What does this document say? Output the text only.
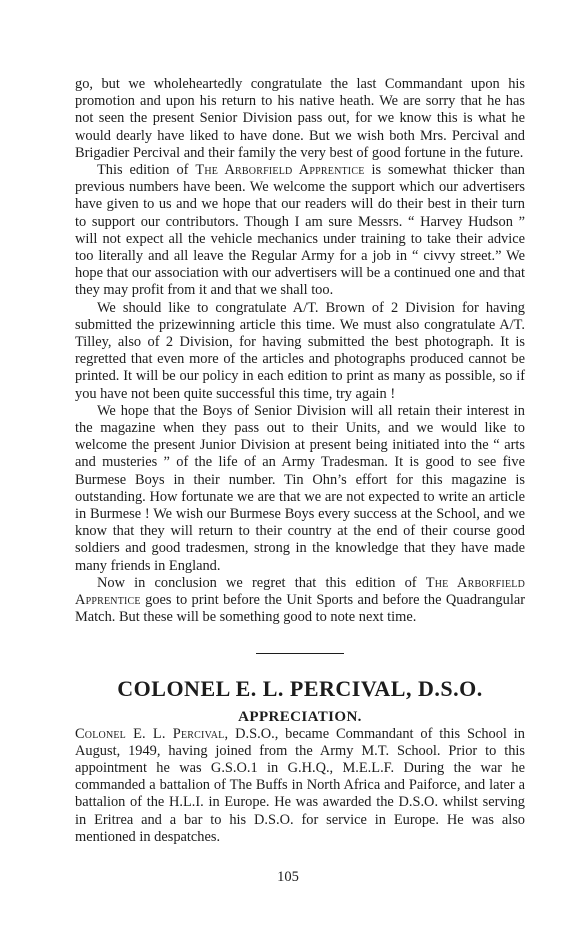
go, but we wholeheartedly congratulate the last Commandant upon his promotion and upon his return to his native heath. We are sorry that he has not seen the present Senior Division pass out, for we know this is what he would dearly have liked to have done. But we wish both Mrs. Percival and Brigadier Percival and their family the very best of good fortune in the future.

This edition of The Arborfield Apprentice is somewhat thicker than previous numbers have been. We welcome the support which our advertisers have given to us and we hope that our readers will do their best in their turn to support our contributors. Though I am sure Messrs. “ Harvey Hudson ” will not expect all the vehicle mechanics under training to take their advice too literally and all leave the Regular Army for a job in “ civvy street.” We hope that our association with our advertisers will be a continued one and that they may profit from it and that we shall too.

We should like to congratulate A/T. Brown of 2 Division for having submitted the prizewinning article this time. We must also congratulate A/T. Tilley, also of 2 Division, for having submitted the best photograph. It is regretted that even more of the articles and photographs produced cannot be printed. It will be our policy in each edition to print as many as possible, so if you have not been quite successful this time, try again !

We hope that the Boys of Senior Division will all retain their interest in the magazine when they pass out to their Units, and we would like to welcome the present Junior Division at present being initiated into the “ arts and musteries ” of the life of an Army Tradesman. It is good to see five Burmese Boys in their number. Tin Ohn’s effort for this magazine is outstanding. How fortunate we are that we are not expected to write an article in Burmese ! We wish our Burmese Boys every success at the School, and we know that they will return to their country at the end of their course good soldiers and good tradesmen, strong in the knowledge that they have made many friends in England.

Now in conclusion we regret that this edition of The Arborfield Apprentice goes to print before the Unit Sports and before the Quadrangular Match. But these will be something good to note next time.

COLONEL E. L. PERCIVAL, D.S.O.
APPRECIATION.

Colonel E. L. Percival, D.S.O., became Commandant of this School in August, 1949, having joined from the Army M.T. School. Prior to this appointment he was G.S.O.1 in G.H.Q., M.E.L.F. During the war he commanded a battalion of The Buffs in North Africa and Paiforce, and later a battalion of the H.L.I. in Europe. He was awarded the D.S.O. whilst serving in Eritrea and a bar to his D.S.O. for service in Europe. He was also mentioned in despatches.

105
